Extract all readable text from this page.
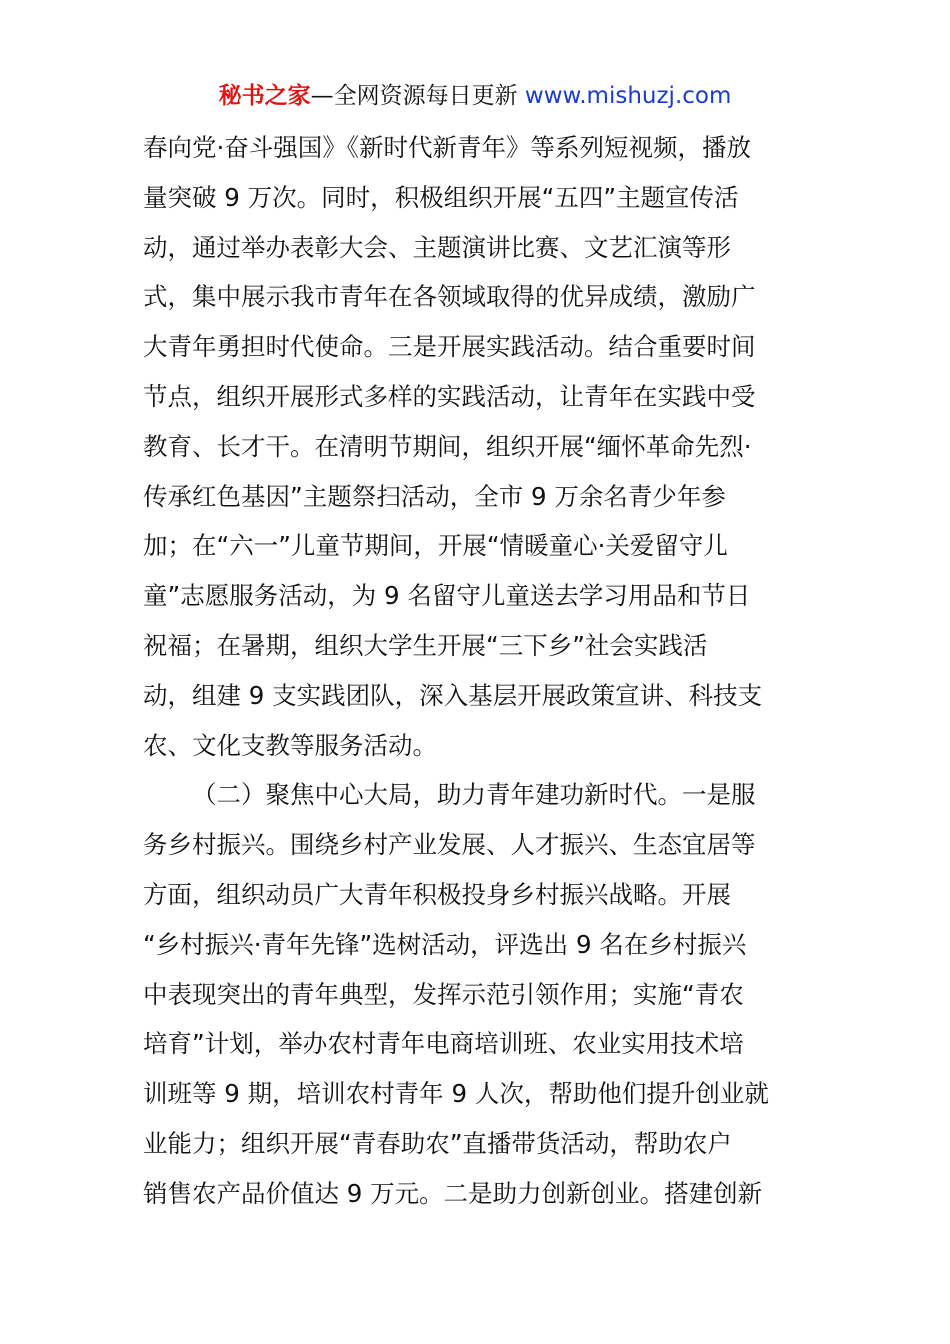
秘书之家—全网资源每日更新 www.mishuzj.com
春向党·奋斗强国》《新时代新青年》等系列短视频，播放
量突破 9 万次。同时，积极组织开展“五四”主题宣传活
动，通过举办表彰大会、主题演讲比赛、文艺汇演等形
式，集中展示我市青年在各领域取得的优异成绩，激励广
大青年勇担时代使命。三是开展实践活动。结合重要时间
节点，组织开展形式多样的实践活动，让青年在实践中受
教育、长才干。在清明节期间，组织开展“缅怀革命先烈·
传承红色基因”主题祭扫活动，全市 9 万余名青少年参
加；在“六一”儿童节期间，开展“情暖童心·关爱留守儿
童”志愿服务活动，为 9 名留守儿童送去学习用品和节日
祝福；在暑期，组织大学生开展“三下乡”社会实践活
动，组建 9 支实践团队，深入基层开展政策宣讲、科技支
农、文化支教等服务活动。
（二）聚焦中心大局，助力青年建功新时代。一是服
务乡村振兴。围绕乡村产业发展、人才振兴、生态宜居等
方面，组织动员广大青年积极投身乡村振兴战略。开展
“乡村振兴·青年先锋”选树活动，评选出 9 名在乡村振兴
中表现突出的青年典型，发挥示范引领作用；实施“青农
培育”计划，举办农村青年电商培训班、农业实用技术培
训班等 9 期，培训农村青年 9 人次，帮助他们提升创业就
业能力；组织开展“青春助农”直播带货活动，帮助农户
销售农产品价值达 9 万元。二是助力创新创业。搭建创新
